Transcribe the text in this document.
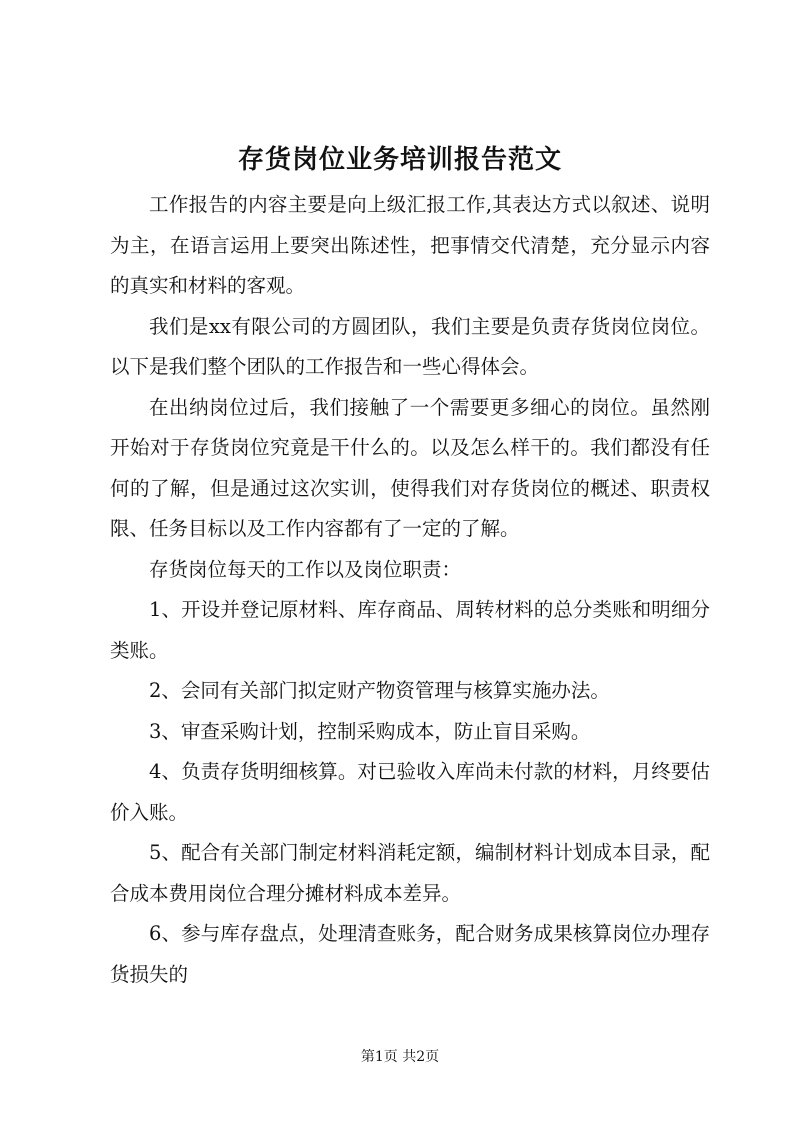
存货岗位业务培训报告范文

工作报告的内容主要是向上级汇报工作,其表达方式以叙述、说明为主，在语言运用上要突出陈述性，把事情交代清楚，充分显示内容的真实和材料的客观。

我们是xx有限公司的方圆团队，我们主要是负责存货岗位岗位。以下是我们整个团队的工作报告和一些心得体会。

在出纳岗位过后，我们接触了一个需要更多细心的岗位。虽然刚开始对于存货岗位究竟是干什么的。以及怎么样干的。我们都没有任何的了解，但是通过这次实训，使得我们对存货岗位的概述、职责权限、任务目标以及工作内容都有了一定的了解。

存货岗位每天的工作以及岗位职责：

1、开设并登记原材料、库存商品、周转材料的总分类账和明细分类账。

2、会同有关部门拟定财产物资管理与核算实施办法。

3、审查采购计划，控制采购成本，防止盲目采购。

4、负责存货明细核算。对已验收入库尚未付款的材料，月终要估价入账。

5、配合有关部门制定材料消耗定额，编制材料计划成本目录，配合成本费用岗位合理分摊材料成本差异。

6、参与库存盘点，处理清查账务，配合财务成果核算岗位办理存货损失的

第1页 共2页
